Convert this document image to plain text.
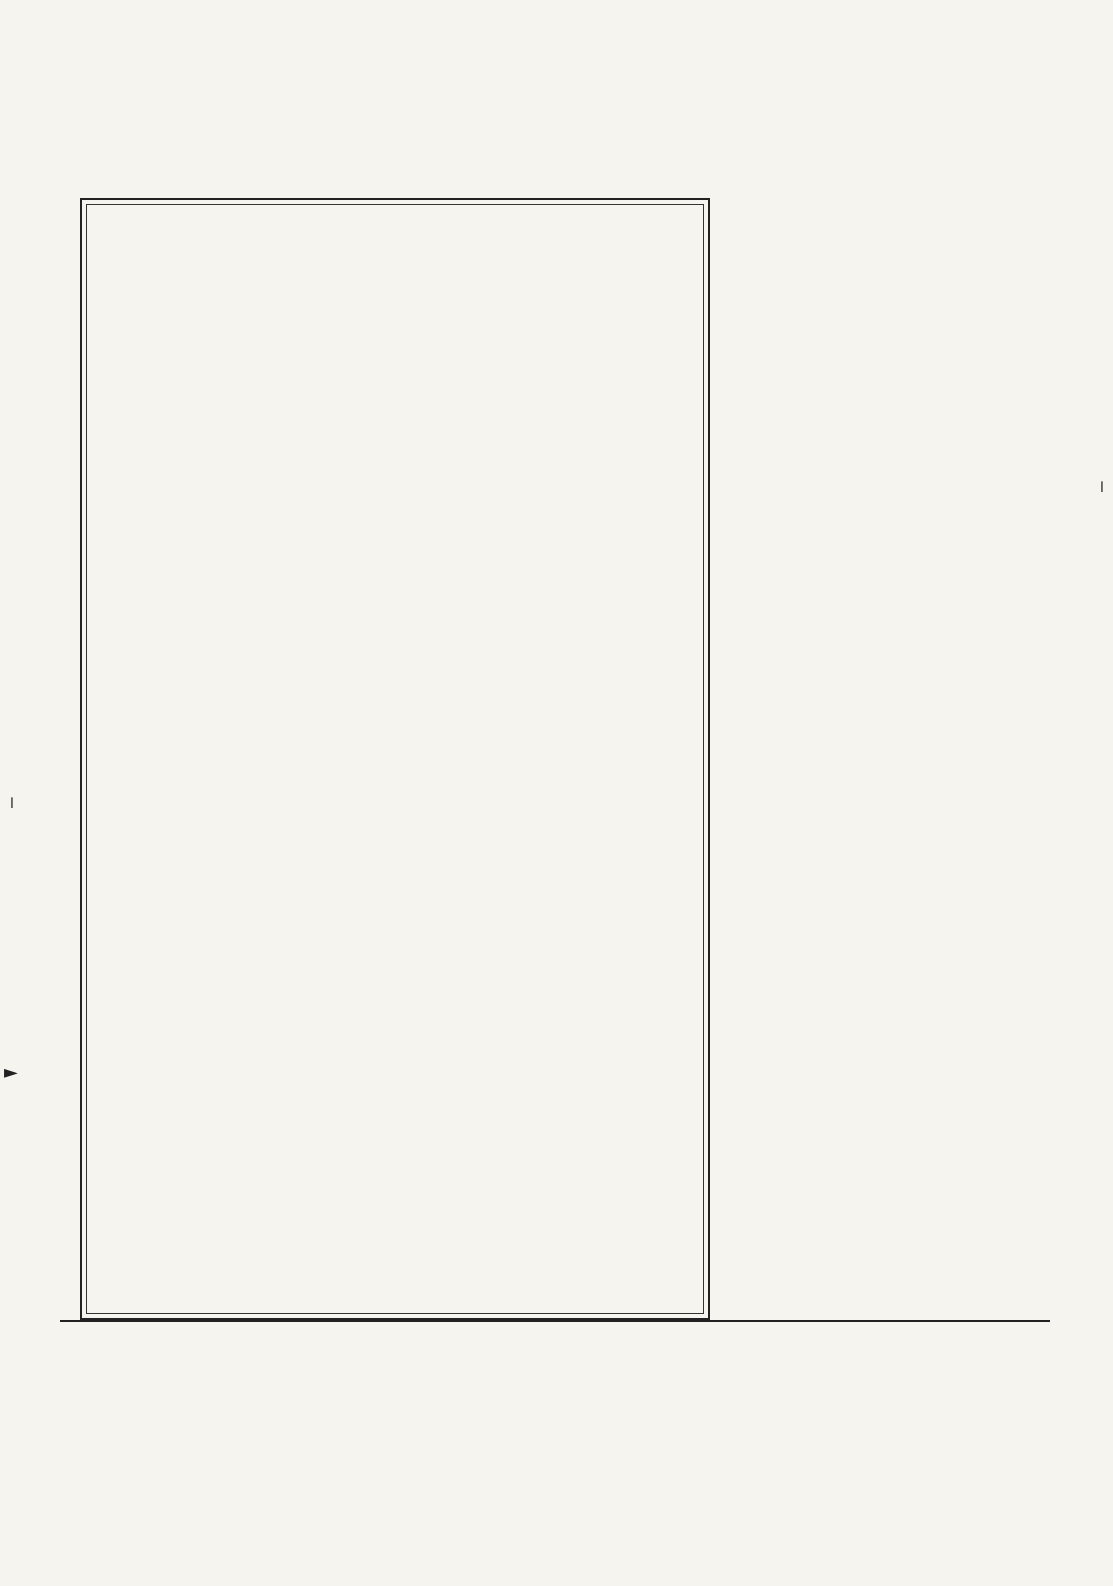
ﺍ
►
ﺍ
